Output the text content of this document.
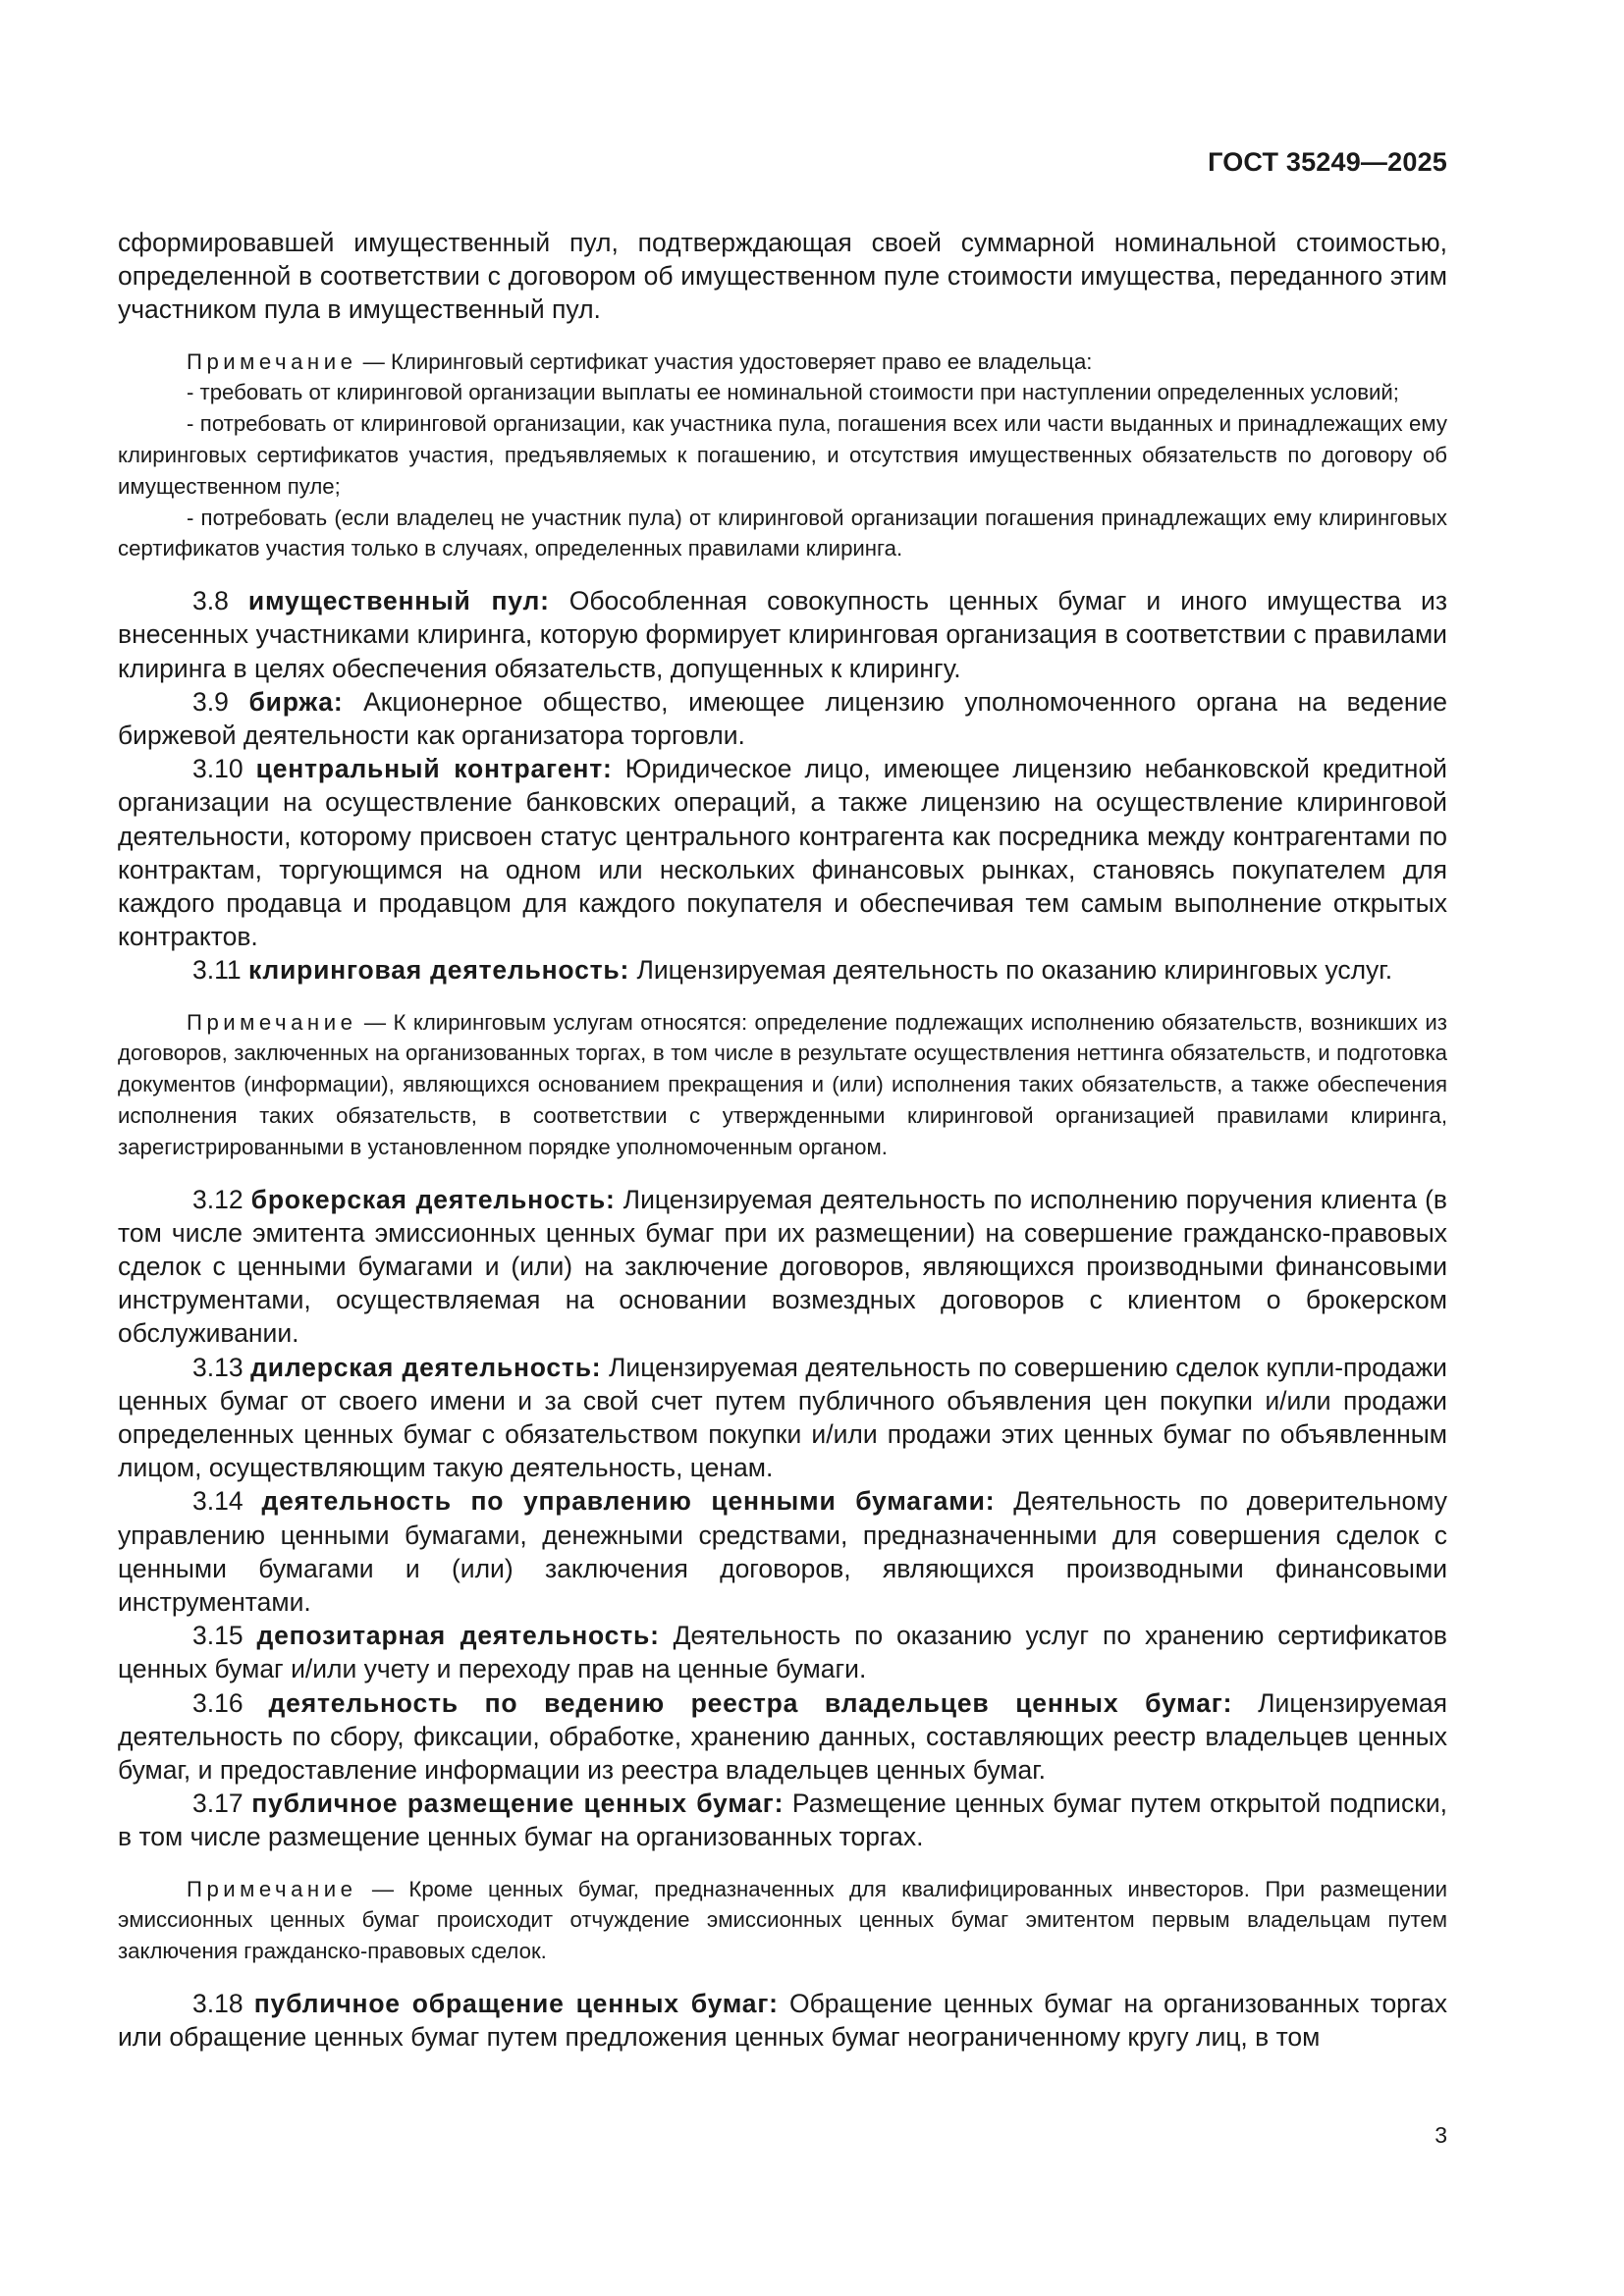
ГОСТ 35249—2025

сформировавшей имущественный пул, подтверждающая своей суммарной номинальной стоимостью, определенной в соответствии с договором об имущественном пуле стоимости имущества, переданного этим участником пула в имущественный пул.

Примечание — Клиринговый сертификат участия удостоверяет право ее владельца:

- требовать от клиринговой организации выплаты ее номинальной стоимости при наступлении определенных условий;

- потребовать от клиринговой организации, как участника пула, погашения всех или части выданных и принадлежащих ему клиринговых сертификатов участия, предъявляемых к погашению, и отсутствия имущественных обязательств по договору об имущественном пуле;

- потребовать (если владелец не участник пула) от клиринговой организации погашения принадлежащих ему клиринговых сертификатов участия только в случаях, определенных правилами клиринга.

3.8 имущественный пул: Обособленная совокупность ценных бумаг и иного имущества из внесенных участниками клиринга, которую формирует клиринговая организация в соответствии с правилами клиринга в целях обеспечения обязательств, допущенных к клирингу.

3.9 биржа: Акционерное общество, имеющее лицензию уполномоченного органа на ведение биржевой деятельности как организатора торговли.

3.10 центральный контрагент: Юридическое лицо, имеющее лицензию небанковской кредитной организации на осуществление банковских операций, а также лицензию на осуществление клиринговой деятельности, которому присвоен статус центрального контрагента как посредника между контрагентами по контрактам, торгующимся на одном или нескольких финансовых рынках, становясь покупателем для каждого продавца и продавцом для каждого покупателя и обеспечивая тем самым выполнение открытых контрактов.

3.11 клиринговая деятельность: Лицензируемая деятельность по оказанию клиринговых услуг.

Примечание — К клиринговым услугам относятся: определение подлежащих исполнению обязательств, возникших из договоров, заключенных на организованных торгах, в том числе в результате осуществления неттинга обязательств, и подготовка документов (информации), являющихся основанием прекращения и (или) исполнения таких обязательств, а также обеспечения исполнения таких обязательств, в соответствии с утвержденными клиринговой организацией правилами клиринга, зарегистрированными в установленном порядке уполномоченным органом.

3.12 брокерская деятельность: Лицензируемая деятельность по исполнению поручения клиента (в том числе эмитента эмиссионных ценных бумаг при их размещении) на совершение гражданско-правовых сделок с ценными бумагами и (или) на заключение договоров, являющихся производными финансовыми инструментами, осуществляемая на основании возмездных договоров с клиентом о брокерском обслуживании.

3.13 дилерская деятельность: Лицензируемая деятельность по совершению сделок купли-продажи ценных бумаг от своего имени и за свой счет путем публичного объявления цен покупки и/или продажи определенных ценных бумаг с обязательством покупки и/или продажи этих ценных бумаг по объявленным лицом, осуществляющим такую деятельность, ценам.

3.14 деятельность по управлению ценными бумагами: Деятельность по доверительному управлению ценными бумагами, денежными средствами, предназначенными для совершения сделок с ценными бумагами и (или) заключения договоров, являющихся производными финансовыми инструментами.

3.15 депозитарная деятельность: Деятельность по оказанию услуг по хранению сертификатов ценных бумаг и/или учету и переходу прав на ценные бумаги.

3.16 деятельность по ведению реестра владельцев ценных бумаг: Лицензируемая деятельность по сбору, фиксации, обработке, хранению данных, составляющих реестр владельцев ценных бумаг, и предоставление информации из реестра владельцев ценных бумаг.

3.17 публичное размещение ценных бумаг: Размещение ценных бумаг путем открытой подписки, в том числе размещение ценных бумаг на организованных торгах.

Примечание — Кроме ценных бумаг, предназначенных для квалифицированных инвесторов. При размещении эмиссионных ценных бумаг происходит отчуждение эмиссионных ценных бумаг эмитентом первым владельцам путем заключения гражданско-правовых сделок.

3.18 публичное обращение ценных бумаг: Обращение ценных бумаг на организованных торгах или обращение ценных бумаг путем предложения ценных бумаг неограниченному кругу лиц, в том

3
